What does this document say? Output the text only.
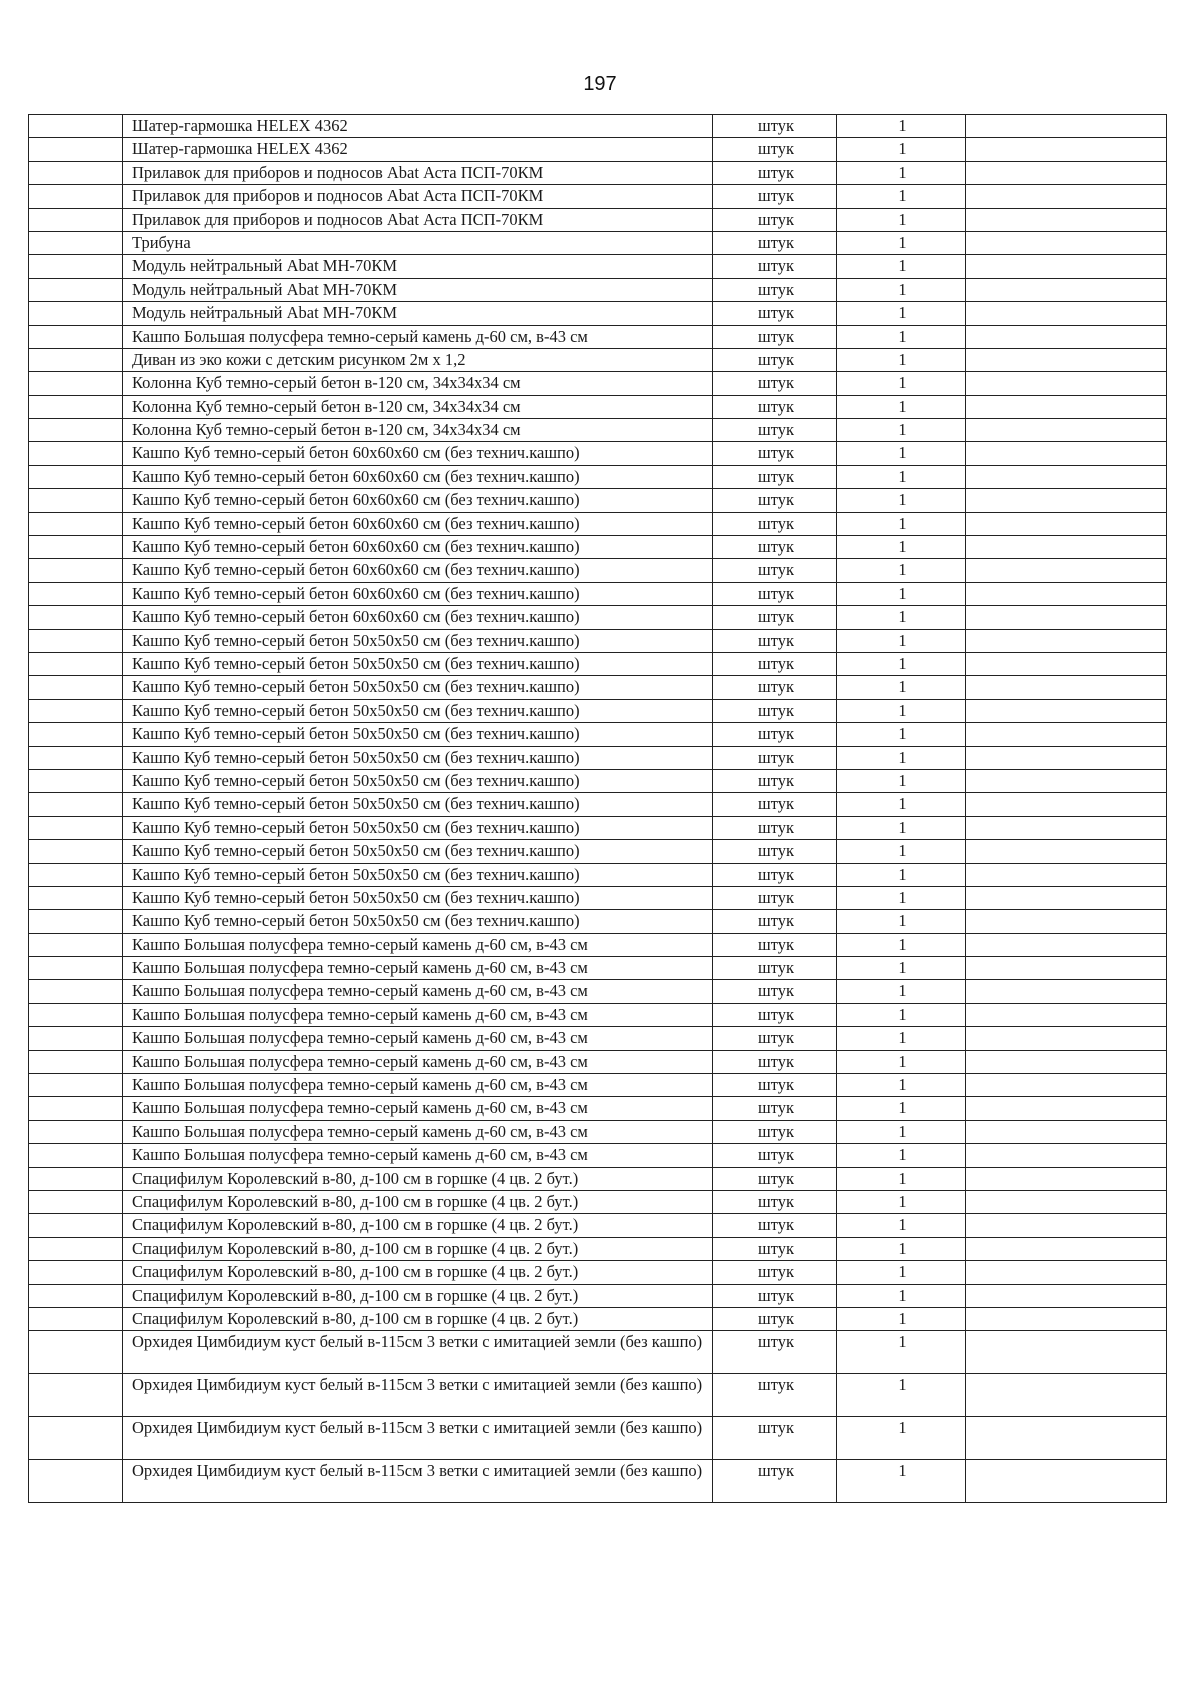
197
	Шатер-гармошка HELEX 4362	штук	1	
	Шатер-гармошка HELEX 4362	штук	1	
	Прилавок для приборов и подносов Abat Аста ПСП-70КМ	штук	1	
	Прилавок для приборов и подносов Abat Аста ПСП-70КМ	штук	1	
	Прилавок для приборов и подносов Abat Аста ПСП-70КМ	штук	1	
	Трибуна	штук	1	
	Модуль нейтральный Abat МН-70КМ	штук	1	
	Модуль нейтральный Abat МН-70КМ	штук	1	
	Модуль нейтральный Abat МН-70КМ	штук	1	
	Кашпо Большая полусфера темно-серый камень д-60 см, в-43 см	штук	1	
	Диван из эко кожи с детским рисунком 2м х 1,2	штук	1	
	Колонна Куб темно-серый бетон в-120 см, 34х34х34 см	штук	1	
	Колонна Куб темно-серый бетон в-120 см, 34х34х34 см	штук	1	
	Колонна Куб темно-серый бетон в-120 см, 34х34х34 см	штук	1	
	Кашпо Куб темно-серый бетон 60х60х60 см (без технич.кашпо)	штук	1	
	Кашпо Куб темно-серый бетон 60х60х60 см (без технич.кашпо)	штук	1	
	Кашпо Куб темно-серый бетон 60х60х60 см (без технич.кашпо)	штук	1	
	Кашпо Куб темно-серый бетон 60х60х60 см (без технич.кашпо)	штук	1	
	Кашпо Куб темно-серый бетон 60х60х60 см (без технич.кашпо)	штук	1	
	Кашпо Куб темно-серый бетон 60х60х60 см (без технич.кашпо)	штук	1	
	Кашпо Куб темно-серый бетон 60х60х60 см (без технич.кашпо)	штук	1	
	Кашпо Куб темно-серый бетон 60х60х60 см (без технич.кашпо)	штук	1	
	Кашпо Куб темно-серый бетон 50х50х50 см (без технич.кашпо)	штук	1	
	Кашпо Куб темно-серый бетон 50х50х50 см (без технич.кашпо)	штук	1	
	Кашпо Куб темно-серый бетон 50х50х50 см (без технич.кашпо)	штук	1	
	Кашпо Куб темно-серый бетон 50х50х50 см (без технич.кашпо)	штук	1	
	Кашпо Куб темно-серый бетон 50х50х50 см (без технич.кашпо)	штук	1	
	Кашпо Куб темно-серый бетон 50х50х50 см (без технич.кашпо)	штук	1	
	Кашпо Куб темно-серый бетон 50х50х50 см (без технич.кашпо)	штук	1	
	Кашпо Куб темно-серый бетон 50х50х50 см (без технич.кашпо)	штук	1	
	Кашпо Куб темно-серый бетон 50х50х50 см (без технич.кашпо)	штук	1	
	Кашпо Куб темно-серый бетон 50х50х50 см (без технич.кашпо)	штук	1	
	Кашпо Куб темно-серый бетон 50х50х50 см (без технич.кашпо)	штук	1	
	Кашпо Куб темно-серый бетон 50х50х50 см (без технич.кашпо)	штук	1	
	Кашпо Куб темно-серый бетон 50х50х50 см (без технич.кашпо)	штук	1	
	Кашпо Большая полусфера темно-серый камень д-60 см, в-43 см	штук	1	
	Кашпо Большая полусфера темно-серый камень д-60 см, в-43 см	штук	1	
	Кашпо Большая полусфера темно-серый камень д-60 см, в-43 см	штук	1	
	Кашпо Большая полусфера темно-серый камень д-60 см, в-43 см	штук	1	
	Кашпо Большая полусфера темно-серый камень д-60 см, в-43 см	штук	1	
	Кашпо Большая полусфера темно-серый камень д-60 см, в-43 см	штук	1	
	Кашпо Большая полусфера темно-серый камень д-60 см, в-43 см	штук	1	
	Кашпо Большая полусфера темно-серый камень д-60 см, в-43 см	штук	1	
	Кашпо Большая полусфера темно-серый камень д-60 см, в-43 см	штук	1	
	Кашпо Большая полусфера темно-серый камень д-60 см, в-43 см	штук	1	
	Спацифилум Королевский в-80, д-100 см в горшке (4 цв. 2 бут.)	штук	1	
	Спацифилум Королевский в-80, д-100 см в горшке (4 цв. 2 бут.)	штук	1	
	Спацифилум Королевский в-80, д-100 см в горшке (4 цв. 2 бут.)	штук	1	
	Спацифилум Королевский в-80, д-100 см в горшке (4 цв. 2 бут.)	штук	1	
	Спацифилум Королевский в-80, д-100 см в горшке (4 цв. 2 бут.)	штук	1	
	Спацифилум Королевский в-80, д-100 см в горшке (4 цв. 2 бут.)	штук	1	
	Спацифилум Королевский в-80, д-100 см в горшке (4 цв. 2 бут.)	штук	1	
	Орхидея Цимбидиум куст белый в-115см 3 ветки с имитацией земли (без кашпо)	штук	1	
	Орхидея Цимбидиум куст белый в-115см 3 ветки с имитацией земли (без кашпо)	штук	1	
	Орхидея Цимбидиум куст белый в-115см 3 ветки с имитацией земли (без кашпо)	штук	1	
	Орхидея Цимбидиум куст белый в-115см 3 ветки с имитацией земли (без кашпо)	штук	1	
